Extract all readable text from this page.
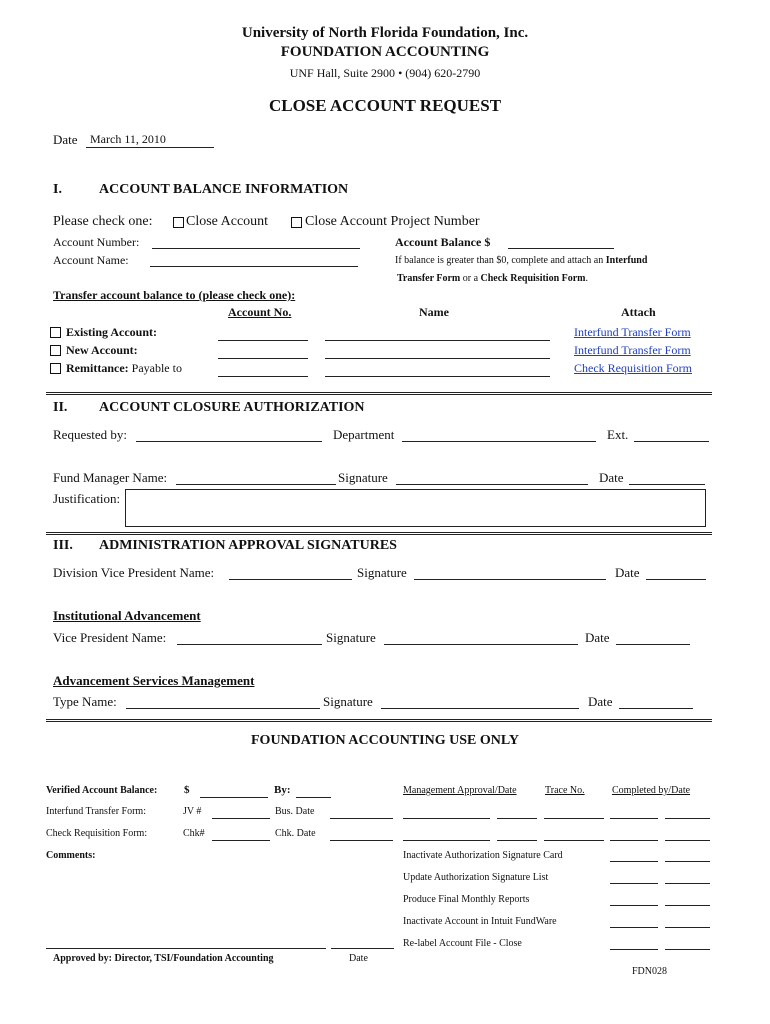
University of North Florida Foundation, Inc.
FOUNDATION ACCOUNTING
UNF Hall, Suite 2900 • (904) 620-2790
CLOSE ACCOUNT REQUEST
Date March 11, 2010
I.	ACCOUNT BALANCE INFORMATION
Please check one: Close Account	Close Account Project Number
Account Number:	Account Balance $
Account Name:	If balance is greater than $0, complete and attach an Interfund
Transfer Form or a Check Requisition Form.
Transfer account balance to (please check one):
Account No.	Name	Attach
Existing Account:	Interfund Transfer Form
New Account:	Interfund Transfer Form
Remittance: Payable to	Check Requisition Form
II. ACCOUNT CLOSURE AUTHORIZATION
Requested by:	Department	Ext.
Fund Manager Name:	Signature	Date
Justification:
III. ADMINISTRATION APPROVAL SIGNATURES
Division Vice President Name:	Signature	Date
Institutional Advancement
Vice President Name:	Signature	Date
Advancement Services Management
Type Name:	Signature	Date
FOUNDATION ACCOUNTING USE ONLY
Verified Account Balance: $	By:	Management Approval/Date	Trace No.	Completed by/Date
Interfund Transfer Form:	JV #	Bus. Date
Check Requisition Form:	Chk#	Chk. Date
Comments:	Inactivate Authorization Signature Card
Update Authorization Signature List
Produce Final Monthly Reports
Inactivate Account in Intuit FundWare
Re-label Account File - Close
Approved by: Director, TSI/Foundation Accounting	Date
FDN028
